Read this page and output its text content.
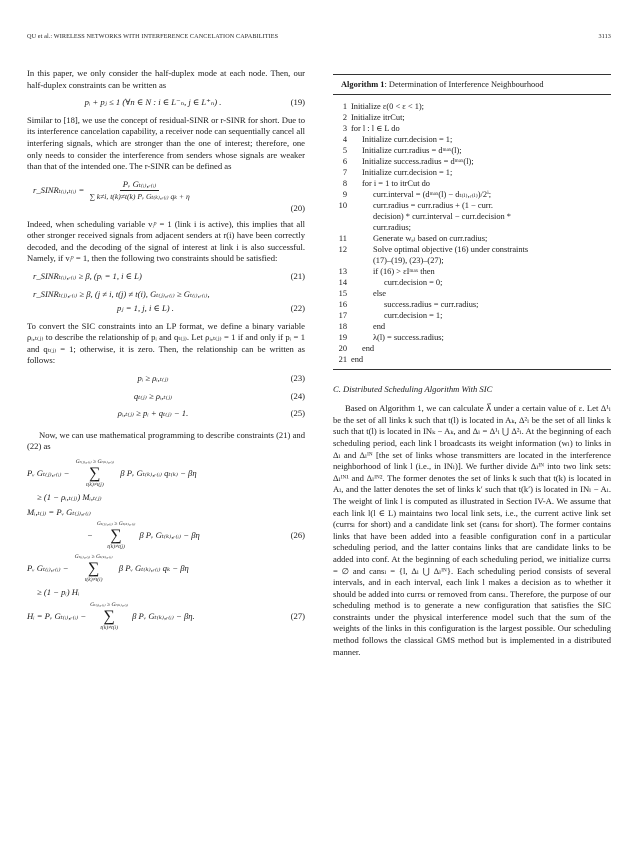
QU et al.: WIRELESS NETWORKS WITH INTERFERENCE CANCELATION CAPABILITIES	3113

In this paper, we only consider the half-duplex mode at each node. Then, our half-duplex constraints can be written as

pᵢ + pⱼ ≤ 1 (∀n ∈ N : i ∈ L⁻ₙ, j ∈ L⁺ₙ) .	(19)

Similar to [18], we use the concept of residual-SINR or r-SINR for short. Due to its interference cancelation capability, a receiver node can sequentially cancel all interfering signals, which are stronger than the one of interest; therefore, one only needs to consider the interference from senders whose signals are weaker than that of the intended one. The r-SINR can be defined as

r_SINRₜ₍ᵢ₎,ₜ₍ᵢ₎ = $\frac{\text{Pᵥ Gₜ₍ᵢ₎,ᵣ₍ᵢ₎}}{\text{∑ k≠i, t(k)≠t(k) Pᵥ Gₜ₍ₖ₎,ᵣ₍ᵢ₎ qₖ + η}}$
(20)

Indeed, when scheduling variable vᵢᵖ = 1 (link i is active), this implies that all other stronger received signals from adjacent senders at r(i) have been correctly decoded, and the decoding of the signal of interest at link i is also successful. Namely, if vᵢᵖ = 1, then the following two constraints should be satisfied:

r_SINRₜ₍ᵢ₎,ᵣ₍ᵢ₎ ≥ β, (pᵢ = 1, i ∈ L)	(21)
r_SINRₜ₍ⱼ₎,ᵣ₍ᵢ₎ ≥ β, (j ≠ i, t(j) ≠ t(i), Gₜ₍ⱼ₎,ᵣ₍ᵢ₎ ≥ Gₜ₍ᵢ₎,ᵣ₍ᵢ₎,
pⱼ = 1, j, i ∈ L) .	(22)

To convert the SIC constraints into an LP format, we define a binary variable ρᵢ,ₜ₍ⱼ₎ to describe the relationship of pᵢ and qₜ₍ⱼ₎. Let ρᵢ,ₜ₍ⱼ₎ = 1 if and only if pᵢ = 1 and qₜ₍ⱼ₎ = 1; otherwise, it is zero. Then, the relationship can be written as follows:

pᵢ ≥ ρᵢ,ₜ₍ⱼ₎	(23)
qₜ₍ⱼ₎ ≥ ρᵢ,ₜ₍ⱼ₎	(24)
ρᵢ,ₜ₍ⱼ₎ ≥ pᵢ + qₜ₍ⱼ₎ − 1.	(25)

Now, we can use mathematical programming to describe constraints (21) and (22) as

Pᵥ Gₜ₍ⱼ₎,ᵣ₍ᵢ₎ −
Gₜ₍ⱼ₎,ᵣ₍ᵢ₎ ≥ Gₜ₍ₖ₎,ᵣ₍ᵢ₎
∑
t(k)≠t(j)
β Pᵥ Gₜ₍ₖ₎,ᵣ₍ᵢ₎ qₜ₍ₖ₎ − βη
≥ (1 − ρᵢ,ₜ₍ⱼ₎) Mᵢ,ₜ₍ⱼ₎
Mᵢ,ₜ₍ⱼ₎ = Pᵥ Gₜ₍ⱼ₎,ᵣ₍ᵢ₎
−
Gₜ₍ⱼ₎,ᵣ₍ᵢ₎ ≥ Gₜ₍ₖ₎,ᵣ₍ᵢ₎
∑
t(k)≠t(j)
β Pᵥ Gₜ₍ₖ₎,ᵣ₍ᵢ₎ − βη	(26)
Pᵥ Gₜ₍ᵢ₎,ᵣ₍ᵢ₎ −
Gₜ₍ᵢ₎,ᵣ₍ᵢ₎ ≥ Gₜ₍ₖ₎,ᵣ₍ᵢ₎
∑
t(k)≠t(i)
β Pᵥ Gₜ₍ₖ₎,ᵣ₍ᵢ₎ qₖ − βη
≥ (1 − pᵢ) Hᵢ
Hᵢ = Pᵥ Gₜ₍ᵢ₎,ᵣ₍ᵢ₎ −
Gₜ₍ᵢ₎,ᵣ₍ᵢ₎ ≥ Gₜ₍ₖ₎,ᵣ₍ᵢ₎
∑
t(k)≠t(i)
β Pᵥ Gₜ₍ₖ₎,ᵣ₍ᵢ₎ − βη.	(27)
Algorithm 1: Determination of Interference Neighbourhood
1 Initialize ε(0 < ε < 1);
2 Initialize itrCut;
3 for l : l ∈ L do
4	Initialize curr.decision = 1;
5	Initialize curr.radius = dᵐᵃˣ(l);
6	Initialize success.radius = dᵐᵃˣ(l);
7	Initialize curr.decision = 1;
8	for i = 1 to itrCut do
9	curr.interval = (dᵐᵃˣ(l) − dₜ₍ₗ₎,ᵣ₍ₗ₎)/2ⁱ;
10	curr.radius = curr.radius + (1 − curr.
decision) * curr.interval − curr.decision *
curr.radius;
11	Generate wₐₗ based on curr.radius;
12	Solve optimal objective (16) under constraints
(17)–(19), (23)–(27);
13	if (16) > εIᵐᵃˣ then
14	curr.decision = 0;
15	else
16	success.radius = curr.radius;
17	curr.decision = 1;
18	end
19	λ(l) = success.radius;
20	end
21 end
C. Distributed Scheduling Algorithm With SIC

Based on Algorithm 1, we can calculate λ⃗ under a certain value of ε. Let Δ¹ₗ be the set of all links k such that t(l) is located in Aₖ, Δ²ₗ be the set of all links k such that t(l) is located in INₖ − Aₖ, and Δₗ = Δ¹ₗ ⋃ Δ²ₗ. At the beginning of each scheduling period, each link l broadcasts its weight information (wₗ) to links in Δₗ and Δₗᴵᴺ [the set of links whose transmitters are located in the interference neighborhood of link l (i.e., in INₗ)]. We further divide Δₗᴵᴺ into two link sets: Δₗᴵᴺ¹ and Δₗᴵᴺ². The former denotes the set of links k such that t(k) is located in Aₗ, and the latter denotes the set of links k′ such that t(k′) is located in INₗ − Aₗ. The weight of link l is computed as illustrated in Section IV-A. We assume that each link l(l ∈ L) maintains two local link sets, i.e., the current active link set (currsₗ for short) and a candidate link set (cansₗ for short). The former contains links that have been added into a feasible configuration conf in a particular scheduling period, and the latter contains links that are candidate links to be added into conf. At the beginning of each scheduling period, we initialize currsₗ = ∅ and cansₗ = {l, Δₗ ⋃ Δₗᴵᴺ}. Each scheduling period consists of several intervals, and in each interval, each link l makes a decision as to whether it should be added into currsₗ or removed from cansₗ. Therefore, the purpose of our scheduling method is to generate a new configuration that satisfies the SIC constraints under the physical interference model such that the sum of the weights of the links in this configuration is the largest possible. Our scheduling method follows the classical GMS method but is implemented in a distributed manner.
